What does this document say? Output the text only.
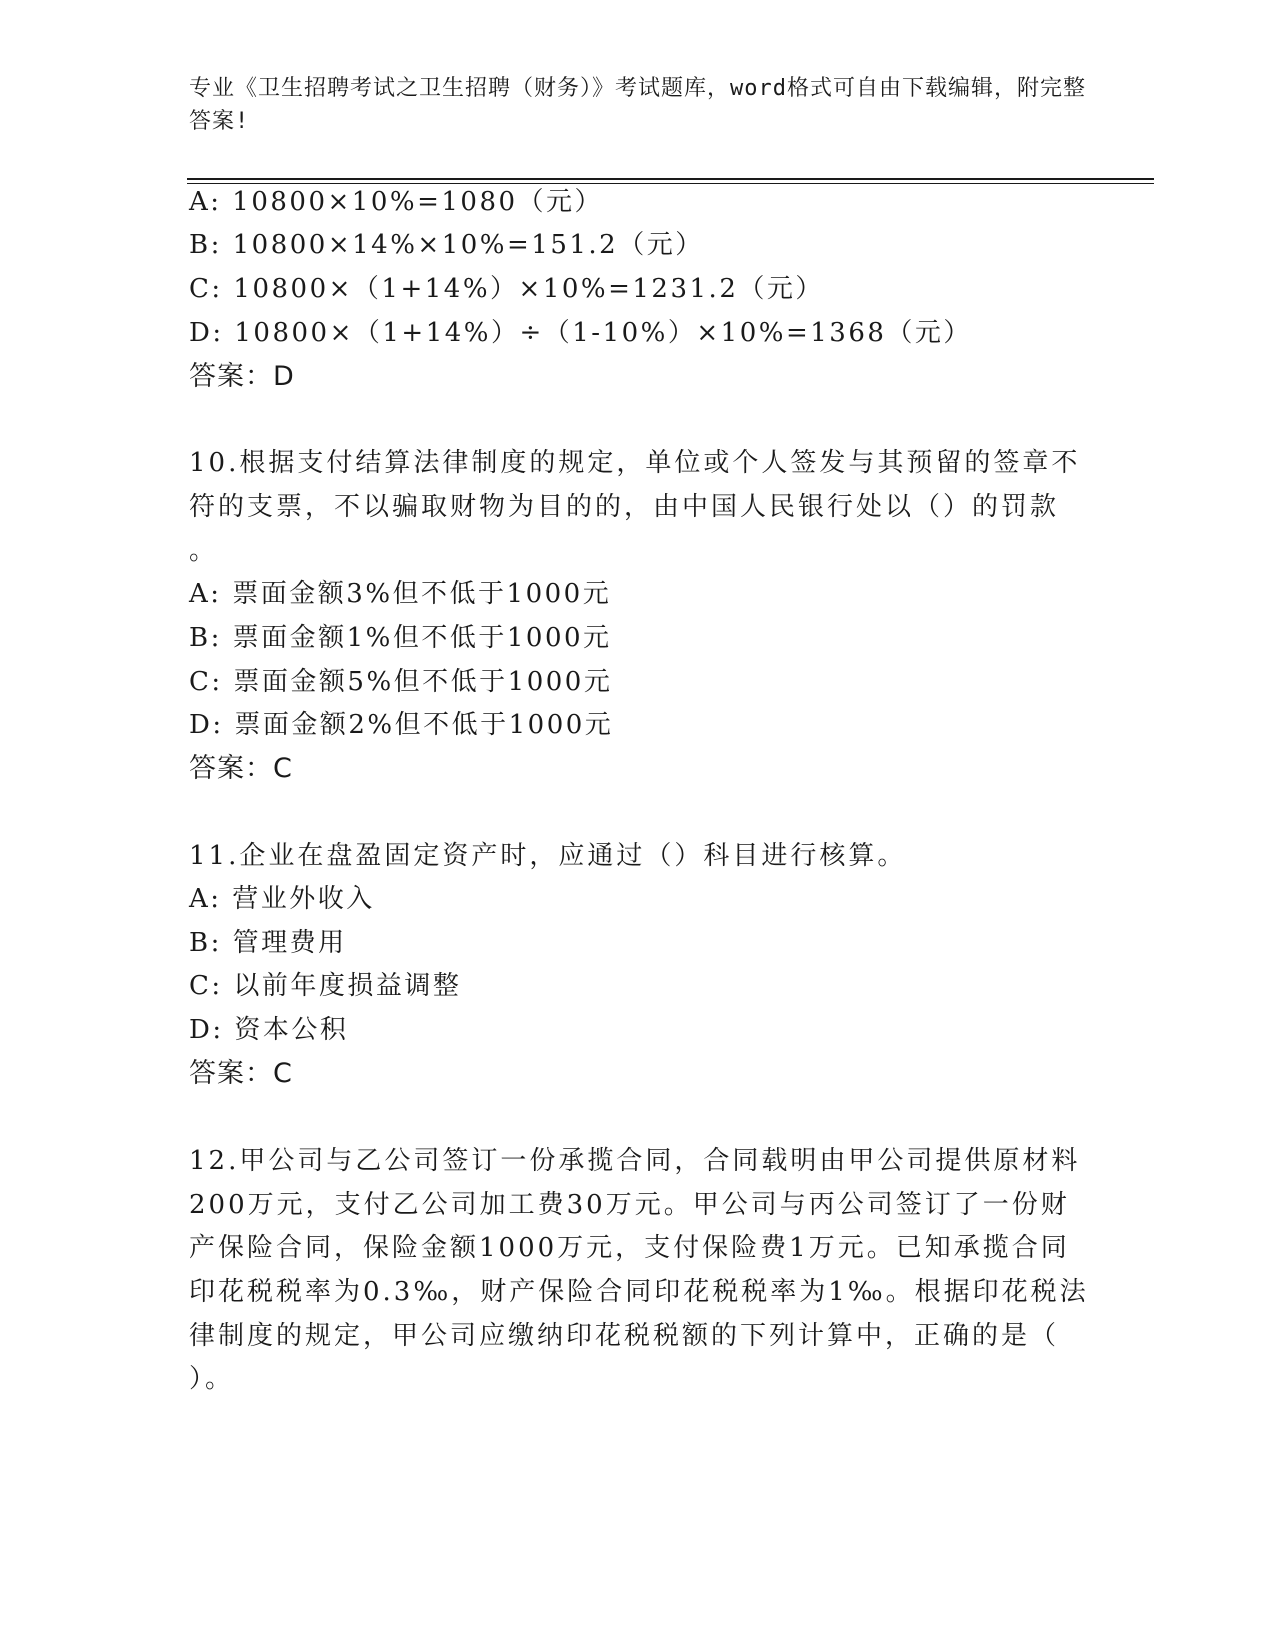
专业《卫生招聘考试之卫生招聘（财务）》考试题库，word格式可自由下载编辑，附完整答案!
A: 10800×10%=1080（元）
B: 10800×14%×10%=151.2（元）
C: 10800×（1+14%）×10%=1231.2（元）
D: 10800×（1+14%）÷（1-10%）×10%=1368（元）
答案：D
10.根据支付结算法律制度的规定，单位或个人签发与其预留的签章不
符的支票，不以骗取财物为目的的，由中国人民银行处以（）的罚款
。
A: 票面金额3%但不低于1000元
B: 票面金额1%但不低于1000元
C: 票面金额5%但不低于1000元
D: 票面金额2%但不低于1000元
答案：C
11.企业在盘盈固定资产时，应通过（）科目进行核算。
A: 营业外收入
B: 管理费用
C: 以前年度损益调整
D: 资本公积
答案：C
12.甲公司与乙公司签订一份承揽合同，合同载明由甲公司提供原材料
200万元，支付乙公司加工费30万元。甲公司与丙公司签订了一份财
产保险合同，保险金额1000万元，支付保险费1万元。已知承揽合同
印花税税率为0.3‰，财产保险合同印花税税率为1‰。根据印花税法
律制度的规定，甲公司应缴纳印花税税额的下列计算中，正确的是（
）。
